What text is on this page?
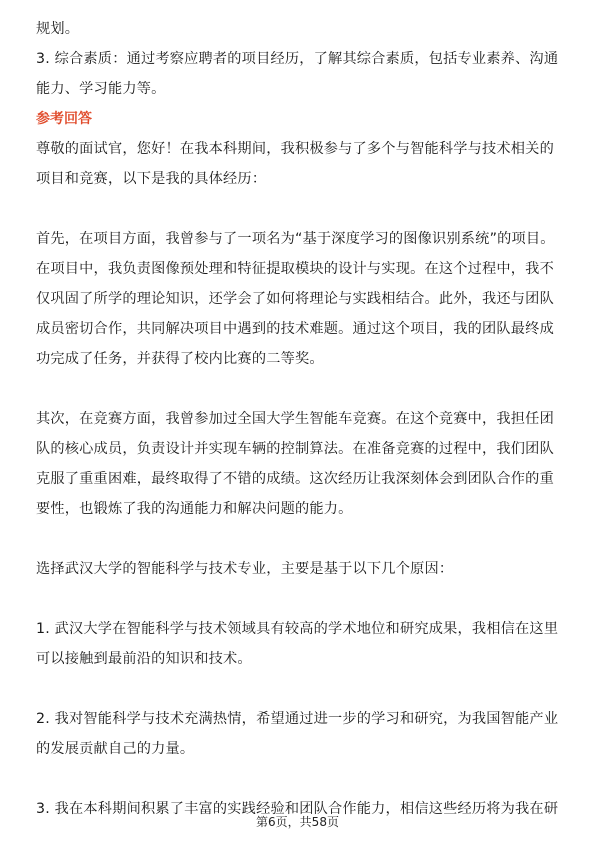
规划。

3. 综合素质：通过考察应聘者的项目经历，了解其综合素质，包括专业素养、沟通

能力、学习能力等。

参考回答

尊敬的面试官，您好！在我本科期间，我积极参与了多个与智能科学与技术相关的

项目和竞赛，以下是我的具体经历：

首先，在项目方面，我曾参与了一项名为“基于深度学习的图像识别系统”的项目。

在项目中，我负责图像预处理和特征提取模块的设计与实现。在这个过程中，我不

仅巩固了所学的理论知识，还学会了如何将理论与实践相结合。此外，我还与团队

成员密切合作，共同解决项目中遇到的技术难题。通过这个项目，我的团队最终成

功完成了任务，并获得了校内比赛的二等奖。

其次，在竞赛方面，我曾参加过全国大学生智能车竞赛。在这个竞赛中，我担任团

队的核心成员，负责设计并实现车辆的控制算法。在准备竞赛的过程中，我们团队

克服了重重困难，最终取得了不错的成绩。这次经历让我深刻体会到团队合作的重

要性，也锻炼了我的沟通能力和解决问题的能力。

选择武汉大学的智能科学与技术专业，主要是基于以下几个原因：

1. 武汉大学在智能科学与技术领域具有较高的学术地位和研究成果，我相信在这里

可以接触到最前沿的知识和技术。

2. 我对智能科学与技术充满热情，希望通过进一步的学习和研究，为我国智能产业

的发展贡献自己的力量。

3. 我在本科期间积累了丰富的实践经验和团队合作能力，相信这些经历将为我在研

第6页，共58页
